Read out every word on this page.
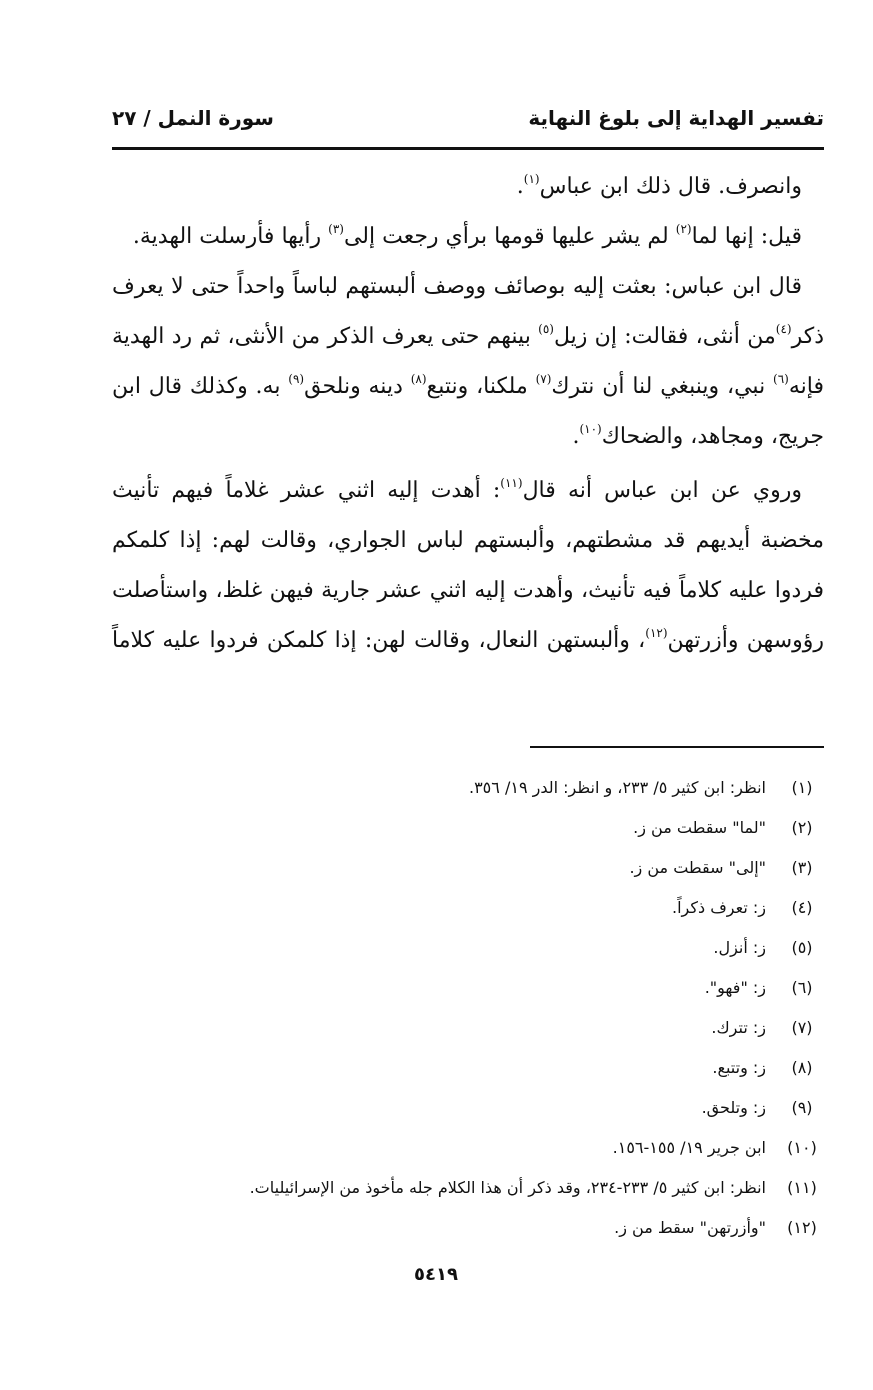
تفسير الهداية إلى بلوغ النهاية
سورة النمل / ٢٧

وانصرف. قال ذلك ابن عباس$^{(١)}$.

قيل: إنها لما$^{(٢)}$ لم يشر عليها قومها برأي رجعت إلى$^{(٣)}$ رأيها فأرسلت الهدية.

قال ابن عباس: بعثت إليه بوصائف ووصف ألبستهم لباساً واحداً حتى لا يعرف ذكر$^{(٤)}$من أنثى، فقالت: إن زيل$^{(٥)}$ بينهم حتى يعرف الذكر من الأنثى، ثم رد الهدية فإنه$^{(٦)}$ نبي، وينبغي لنا أن نترك$^{(٧)}$ ملكنا، ونتبع$^{(٨)}$ دينه ونلحق$^{(٩)}$ به. وكذلك قال ابن جريج، ومجاهد، والضحاك$^{(١٠)}$.

وروي عن ابن عباس أنه قال$^{(١١)}$: أهدت إليه اثني عشر غلاماً فيهم تأنيث مخضبة أيديهم قد مشطتهم، وألبستهم لباس الجواري، وقالت لهم: إذا كلمكم فردوا عليه كلاماً فيه تأنيث، وأهدت إليه اثني عشر جارية فيهن غلظ، واستأصلت رؤوسهن وأزرتهن$^{(١٢)}$، وألبستهن النعال، وقالت لهن: إذا كلمكن فردوا عليه كلاماً

(١)
انظر: ابن كثير ٥/ ٢٣٣، و انظر: الدر ١٩/ ٣٥٦.
(٢)
"لما" سقطت من ز.
(٣)
"إلى" سقطت من ز.
(٤)
ز: تعرف ذكراً.
(٥)
ز: أنزل.
(٦)
ز: "فهو".
(٧)
ز: تترك.
(٨)
ز: وتتبع.
(٩)
ز: وتلحق.
(١٠)
ابن جرير ١٩/ ١٥٥-١٥٦.
(١١)
انظر: ابن كثير ٥/ ٢٣٣-٢٣٤، وقد ذكر أن هذا الكلام جله مأخوذ من الإسرائيليات.
(١٢)
"وأزرتهن" سقط من ز.
٥٤١٩
